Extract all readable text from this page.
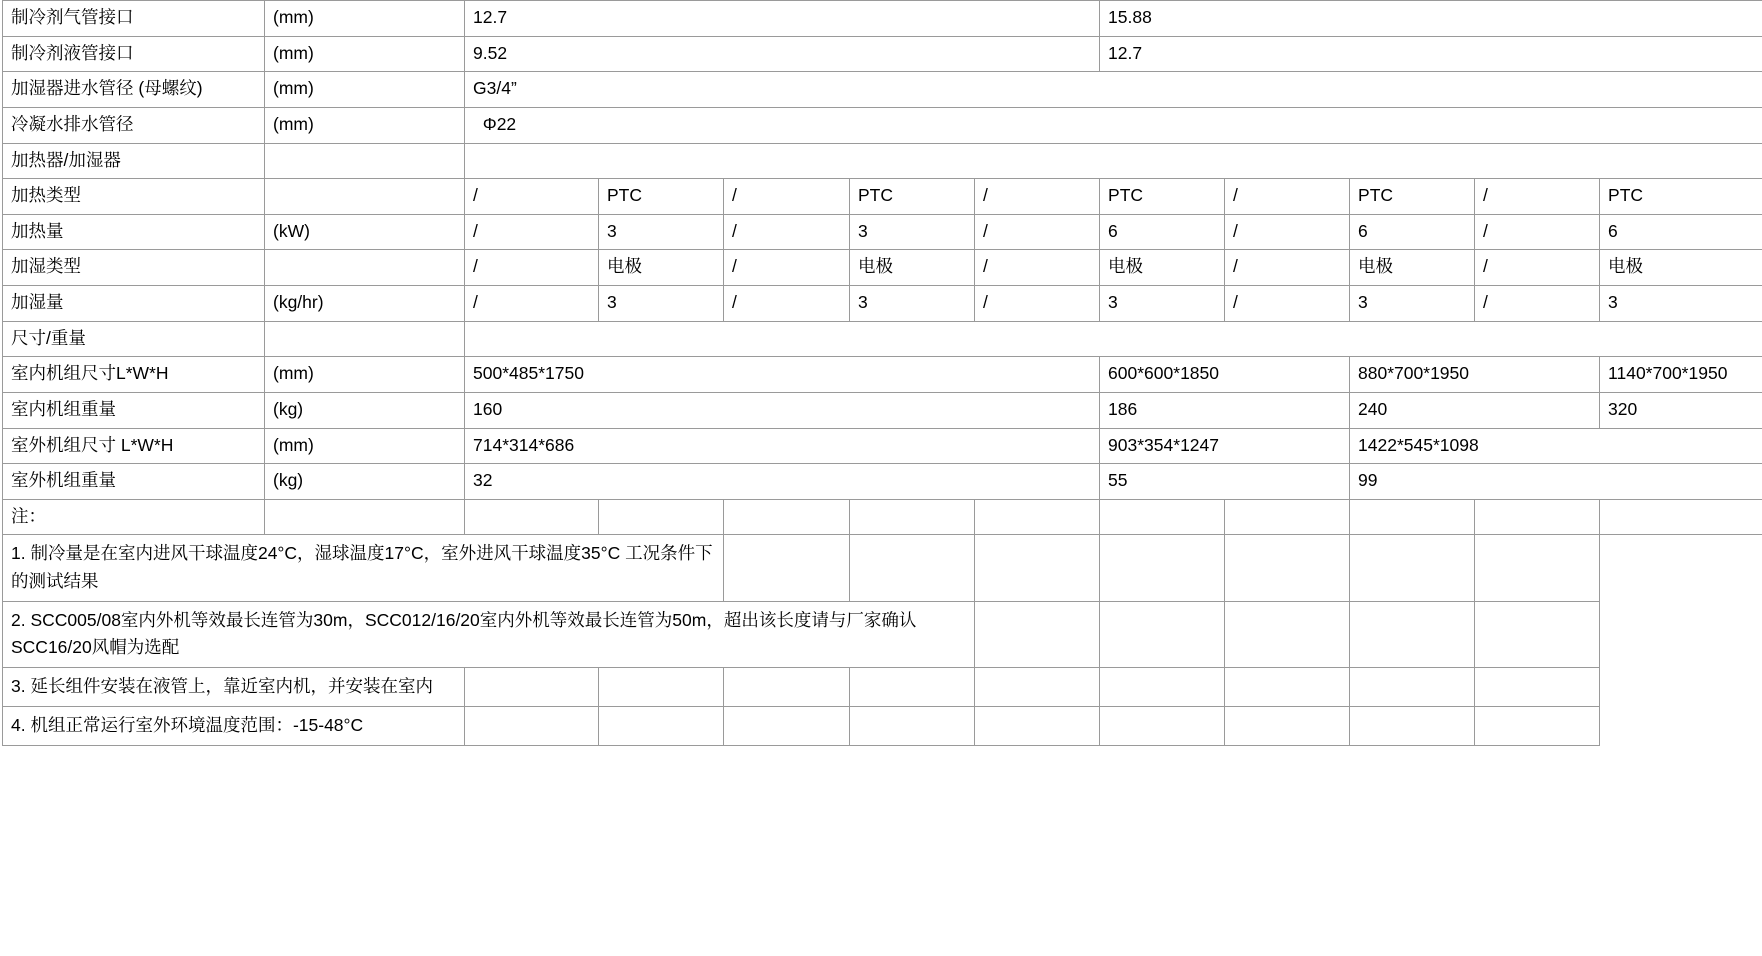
制冷剂气管接口	(mm)	12.7					15.88				
制冷剂液管接口	(mm)	9.52					12.7				
加湿器进水管径 (母螺纹)	(mm)	G3/4”									
冷凝水排水管径	(mm)	Φ22									
加热器/加湿器											
加热类型		/	PTC	/	PTC	/	PTC	/	PTC	/	PTC
加热量	(kW)	/	3	/	3	/	6	/	6	/	6
加湿类型		/	电极	/	电极	/	电极	/	电极	/	电极
加湿量	(kg/hr)	/	3	/	3	/	3	/	3	/	3
尺寸/重量											
室内机组尺寸L*W*H	(mm)	500*485*1750					600*600*1850		880*700*1950		1140*700*1950
室内机组重量	(kg)	160					186		240		320
室外机组尺寸 L*W*H	(mm)	714*314*686					903*354*1247		1422*545*1098		
室外机组重量	(kg)	32					55		99		
注：											
1. 制冷量是在室内进风干球温度24°C，湿球温度17°C，室外进风干球温度35°C 工况条件下的测试结果											
2. SCC005/08室内外机等效最长连管为30m，SCC012/16/20室内外机等效最长连管为50m，超出该长度请与厂家确认SCC16/20风帽为选配											
3. 延长组件安装在液管上，靠近室内机，并安装在室内											
4. 机组正常运行室外环境温度范围：-15-48°C											
